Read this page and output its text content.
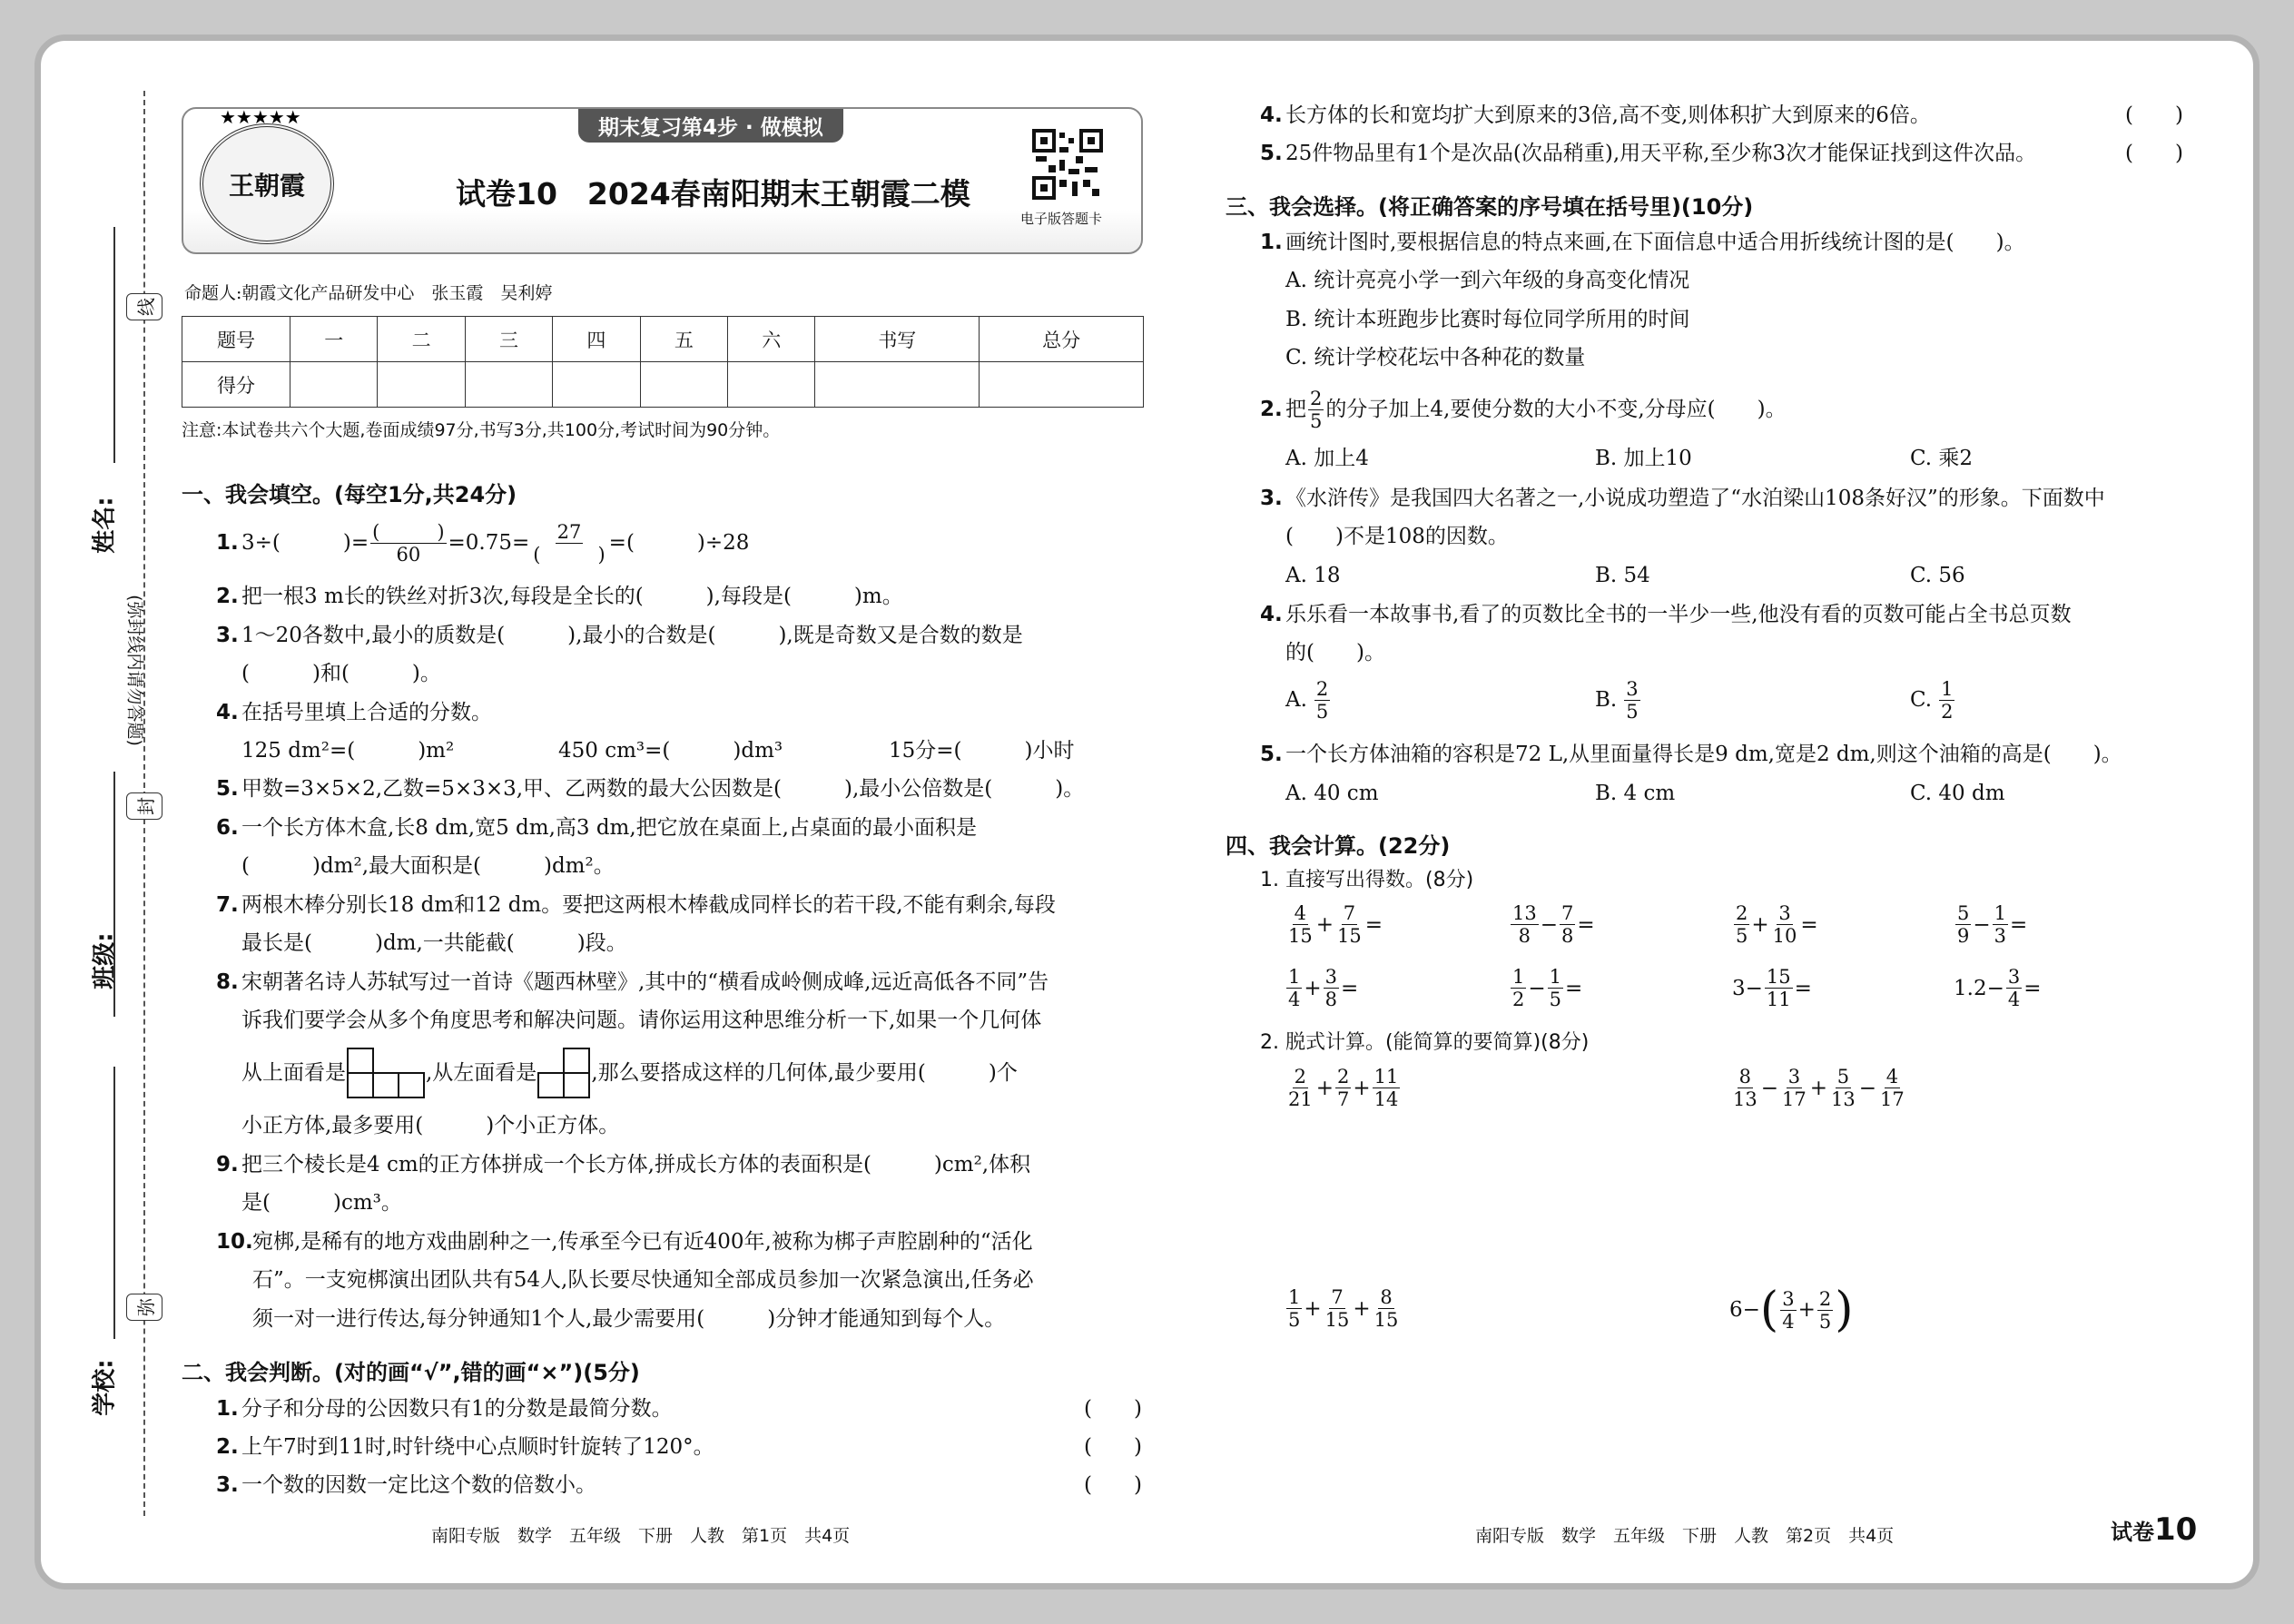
姓名:
班级:
学校:
线
封
弥
(弥封线内请勿答题)
王朝霞
★★★★★	期末复习第4步 · 做模拟
试卷10　2024春南阳期末王朝霞二模
电子版答题卡
命题人:朝霞文化产品研发中心　张玉霞　吴利婷
题号	一	二	三	四	五	六	书写	总分
得分								
注意:本试卷共六个大题,卷面成绩97分,书写3分,共100分,考试时间为90分钟。
一、我会填空。(每空1分,共24分)
1. 3÷(　　　)= $\frac{( )}{60} =0.75= \frac{27}{( )}$ =(　　　)÷28
2. 把一根3 m长的铁丝对折3次,每段是全长的(　　　),每段是(　　　)m。
3. 1～20各数中,最小的质数是(　　　),最小的合数是(　　　),既是奇数又是合数的数是
(　　　)和(　　　)。
4. 在括号里填上合适的分数。
125 dm²=(　　　)m²	450 cm³=(　　　)dm³	15分=(　　　)小时
5. 甲数=3×5×2,乙数=5×3×3,甲、乙两数的最大公因数是(　　　),最小公倍数是(　　　)。
6. 一个长方体木盒,长8 dm,宽5 dm,高3 dm,把它放在桌面上,占桌面的最小面积是
(　　　)dm²,最大面积是(　　　)dm²。
7. 两根木棒分别长18 dm和12 dm。要把这两根木棒截成同样长的若干段,不能有剩余,每段
最长是(　　　)dm,一共能截(　　　)段。
8. 宋朝著名诗人苏轼写过一首诗《题西林壁》,其中的“横看成岭侧成峰,远近高低各不同”告
诉我们要学会从多个角度思考和解决问题。请你运用这种思维分析一下,如果一个几何体
从上面看是	,从左面看是	,那么要搭成这样的几何体,最少要用(　　　)个
小正方体,最多要用(　　　)个小正方体。
9. 把三个棱长是4 cm的正方体拼成一个长方体,拼成长方体的表面积是(　　　)cm²,体积
是(　　　)cm³。
10.宛梆,是稀有的地方戏曲剧种之一,传承至今已有近400年,被称为梆子声腔剧种的“活化
石”。一支宛梆演出团队共有54人,队长要尽快通知全部成员参加一次紧急演出,任务必
须一对一进行传达,每分钟通知1个人,最少需要用(　　　)分钟才能通知到每个人。
二、我会判断。(对的画“√”,错的画“×”)(5分)
1. 分子和分母的公因数只有1的分数是最简分数。	(　　)
2. 上午7时到11时,时针绕中心点顺时针旋转了120°。	(　　)
3. 一个数的因数一定比这个数的倍数小。	(　　)
南阳专版　数学　五年级　下册　人教　第1页　共4页
4. 长方体的长和宽均扩大到原来的3倍,高不变,则体积扩大到原来的6倍。	(　　)
5. 25件物品里有1个是次品(次品稍重),用天平称,至少称3次才能保证找到这件次品。	(　　)
三、我会选择。(将正确答案的序号填在括号里)(10分)
1. 画统计图时,要根据信息的特点来画,在下面信息中适合用折线统计图的是(　　)。
A. 统计亮亮小学一到六年级的身高变化情况
B. 统计本班跑步比赛时每位同学所用的时间
C. 统计学校花坛中各种花的数量
2. 把 $\frac{2}{5}$ 的分子加上4,要使分数的大小不变,分母应(　　)。
A. 加上4	B. 加上10	C. 乘2
3. 《水浒传》是我国四大名著之一,小说成功塑造了“水泊梁山108条好汉”的形象。下面数中
(　　)不是108的因数。
A. 18	B. 54	C. 56
4. 乐乐看一本故事书,看了的页数比全书的一半少一些,他没有看的页数可能占全书总页数
的(　　)。
A. $\frac{2}{5}$	B. $\frac{3}{5}$	C. $\frac{1}{2}$
5. 一个长方体油箱的容积是72 L,从里面量得长是9 dm,宽是2 dm,则这个油箱的高是(　　)。
A. 40 cm	B. 4 cm	C. 40 dm
四、我会计算。(22分)
1. 直接写出得数。(8分)
$\frac{4}{15} + \frac{7}{15}$ =	$\frac{13}{8} - \frac{7}{8}$ =	$\frac{2}{5} + \frac{3}{10}$ =	$\frac{5}{9} - \frac{1}{3}$ =
$\frac{1}{4} + \frac{3}{8}$ =	$\frac{1}{2} - \frac{1}{5}$ =	$3- \frac{15}{11}$ =	$1.2- \frac{3}{4}$ =
2. 脱式计算。(能简算的要简算)(8分)
$\frac{2}{21} + \frac{2}{7} + \frac{11}{14}$	$\frac{8}{13} - \frac{3}{17} + \frac{5}{13} - \frac{4}{17}$
$\frac{1}{5} + \frac{7}{15} + \frac{8}{15}$	6− ( $\frac{3}{4} + \frac{2}{5}$ )
南阳专版　数学　五年级　下册　人教　第2页　共4页	试卷10
